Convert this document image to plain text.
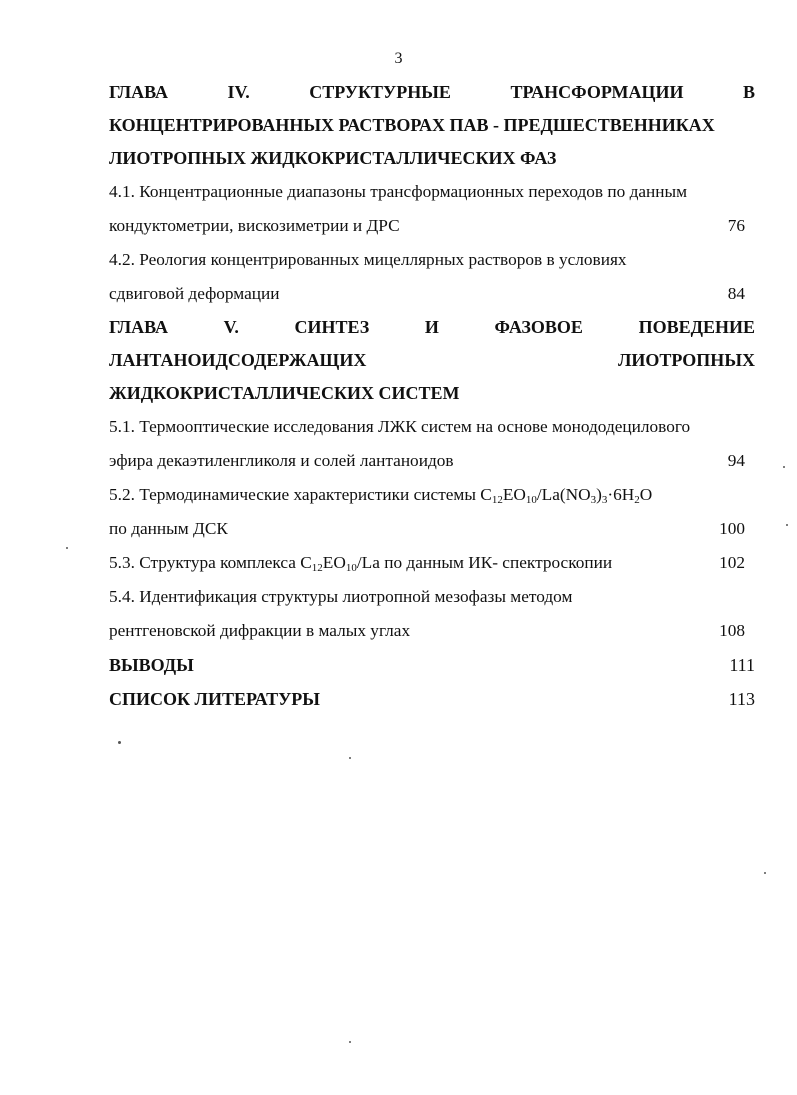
3
ГЛАВА	IV.	СТРУКТУРНЫЕ	ТРАНСФОРМАЦИИ	В
КОНЦЕНТРИРОВАННЫХ РАСТВОРАХ ПАВ - ПРЕДШЕСТВЕННИКАХ
ЛИОТРОПНЫХ ЖИДКОКРИСТАЛЛИЧЕСКИХ ФАЗ
4.1. Концентрационные диапазоны трансформационных переходов по данным
кондуктометрии, вискозиметрии и ДРС	76
4.2. Реология концентрированных мицеллярных растворов в условиях
сдвиговой деформации	84
ГЛАВА	V.	СИНТЕЗ	И	ФАЗОВОЕ	ПОВЕДЕНИЕ
ЛАНТАНОИДСОДЕРЖАЩИХ	ЛИОТРОПНЫХ
ЖИДКОКРИСТАЛЛИЧЕСКИХ СИСТЕМ
5.1. Термооптические исследования ЛЖК систем на основе монододецилового
эфира декаэтиленгликоля и солей лантаноидов	94
5.2. Термодинамические характеристики системы $C_{12}EO_{10}/La(NO_3)_3\cdot 6H_2O$
по данным ДСК	100
5.3. Структура комплекса $C_{12}EO_{10}/La$ по данным ИК- спектроскопии	102
5.4. Идентификация структуры лиотропной мезофазы методом
рентгеновской дифракции в малых углах	108
ВЫВОДЫ	111
СПИСОК ЛИТЕРАТУРЫ	113
